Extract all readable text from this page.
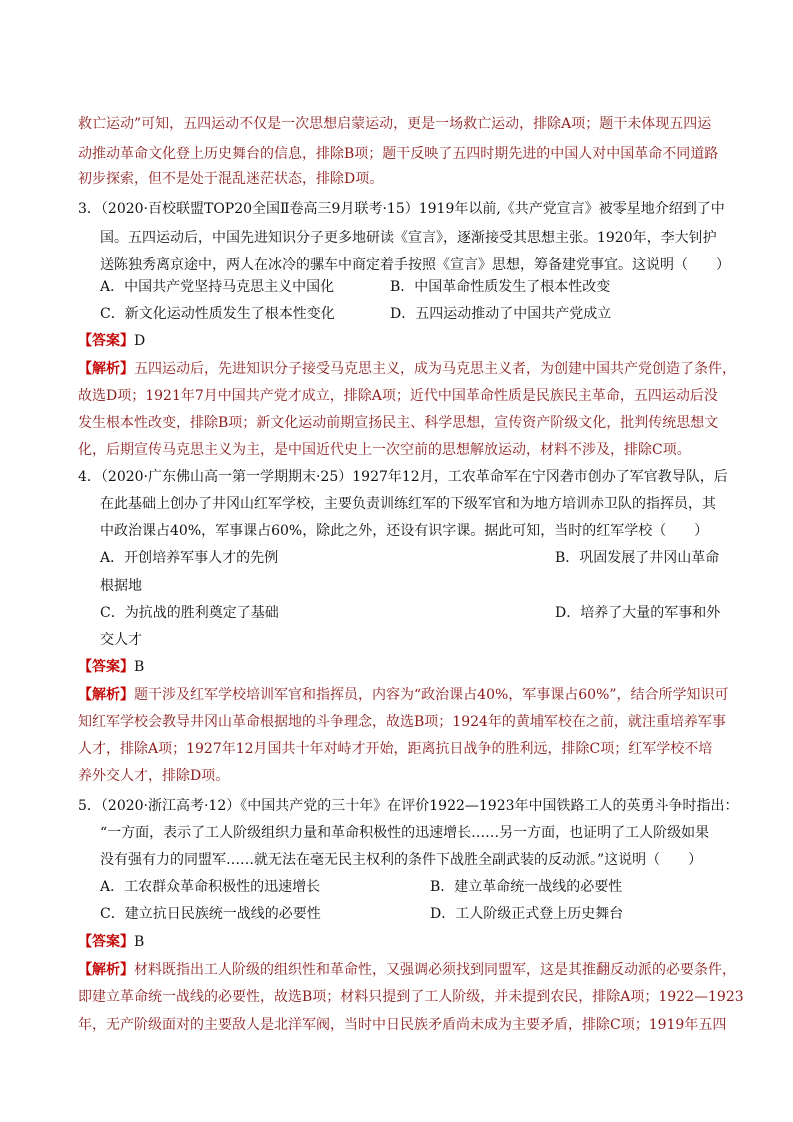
救亡运动”可知，五四运动不仅是一次思想启蒙运动，更是一场救亡运动，排除A项；题干未体现五四运
动推动革命文化登上历史舞台的信息，排除B项；题干反映了五四时期先进的中国人对中国革命不同道路
初步探索，但不是处于混乱迷茫状态，排除D项。
3．（2020·百校联盟TOP20全国Ⅱ卷高三9月联考·15）1919年以前,《共产党宣言》被零星地介绍到了中
国。五四运动后，中国先进知识分子更多地研读《宣言》，逐渐接受其思想主张。1920年，李大钊护
送陈独秀离京途中，两人在冰冷的骡车中商定着手按照《宣言》思想，筹备建党事宜。这说明（　　）
A．中国共产党坚持马克思主义中国化	B．中国革命性质发生了根本性改变
C．新文化运动性质发生了根本性变化	D．五四运动推动了中国共产党成立
【答案】D
【解析】五四运动后，先进知识分子接受马克思主义，成为马克思主义者，为创建中国共产党创造了条件，
故选D项；1921年7月中国共产党才成立，排除A项；近代中国革命性质是民族民主革命，五四运动后没
发生根本性改变，排除B项；新文化运动前期宣扬民主、科学思想，宣传资产阶级文化，批判传统思想文
化，后期宣传马克思主义为主，是中国近代史上一次空前的思想解放运动，材料不涉及，排除C项。
4．（2020·广东佛山高一第一学期期末·25）1927年12月，工农革命军在宁冈砻市创办了军官教导队，后
在此基础上创办了井冈山红军学校，主要负责训练红军的下级军官和为地方培训赤卫队的指挥员，其
中政治课占40%，军事课占60%，除此之外，还设有识字课。据此可知，当时的红军学校（　　）
A．开创培养军事人才的先例	B．巩固发展了井冈山革命
根据地
C．为抗战的胜利奠定了基础	D．培养了大量的军事和外
交人才
【答案】B
【解析】题干涉及红军学校培训军官和指挥员，内容为“政治课占40%，军事课占60%”，结合所学知识可
知红军学校会教导井冈山革命根据地的斗争理念，故选B项；1924年的黄埔军校在之前，就注重培养军事
人才，排除A项；1927年12月国共十年对峙才开始，距离抗日战争的胜利远，排除C项；红军学校不培
养外交人才，排除D项。
5．（2020·浙江高考·12）《中国共产党的三十年》在评价1922—1923年中国铁路工人的英勇斗争时指出：
“一方面，表示了工人阶级组织力量和革命积极性的迅速增长……另一方面，也证明了工人阶级如果
没有强有力的同盟军……就无法在毫无民主权利的条件下战胜全副武装的反动派。”这说明（　　）
A．工农群众革命积极性的迅速增长	B．建立革命统一战线的必要性
C．建立抗日民族统一战线的必要性	D．工人阶级正式登上历史舞台
【答案】B
【解析】材料既指出工人阶级的组织性和革命性，又强调必须找到同盟军，这是其推翻反动派的必要条件，
即建立革命统一战线的必要性，故选B项；材料只提到了工人阶级，并未提到农民，排除A项；1922—1923
年，无产阶级面对的主要敌人是北洋军阀，当时中日民族矛盾尚未成为主要矛盾，排除C项；1919年五四
